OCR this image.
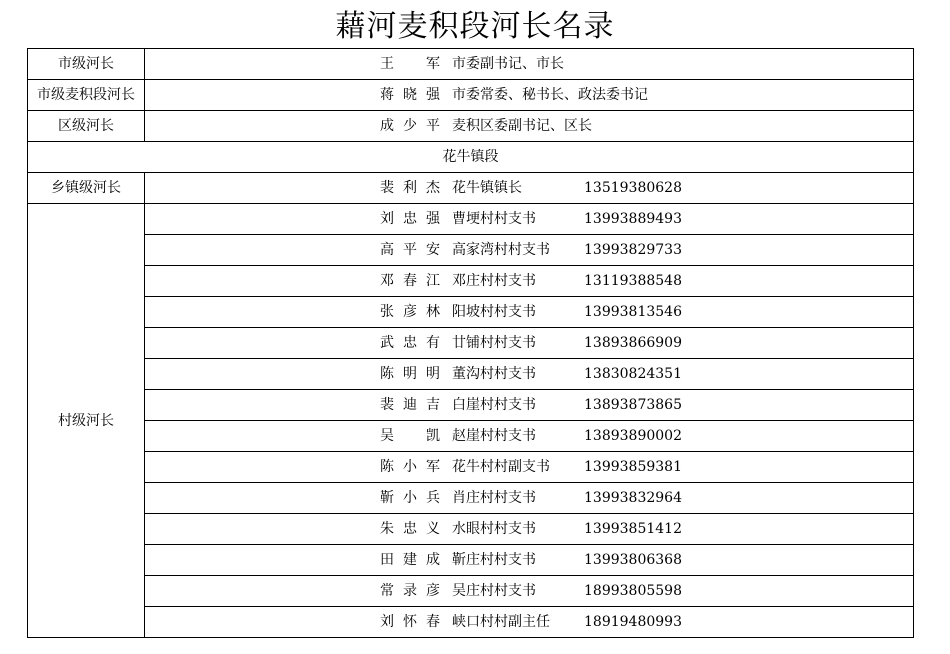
藉河麦积段河长名录
市级河长	王　军 市委副书记、市长

市级麦积段河长	蒋晓强 市委常委、秘书长、政法委书记

区级河长	成少平 麦积区委副书记、区长

花牛镇段	
乡镇级河长	裴利杰 花牛镇镇长 13519380628

村级河长	刘忠强 曹埂村村支书 13993889493

	高平安 高家湾村村支书 13993829733

	邓春江 邓庄村村支书 13119388548

	张彦林 阳坡村村支书 13993813546

	武忠有 廿铺村村支书 13893866909

	陈明明 董沟村村支书 13830824351

	裴迪吉 白崖村村支书 13893873865

	吴　凯 赵崖村村支书 13893890002

	陈小军 花牛村村副支书 13993859381

	靳小兵 肖庄村村支书 13993832964

	朱忠义 水眼村村支书 13993851412

	田建成 靳庄村村支书 13993806368

	常录彦 吴庄村村支书 18993805598

	刘怀春 峡口村村副主任 18919480993
